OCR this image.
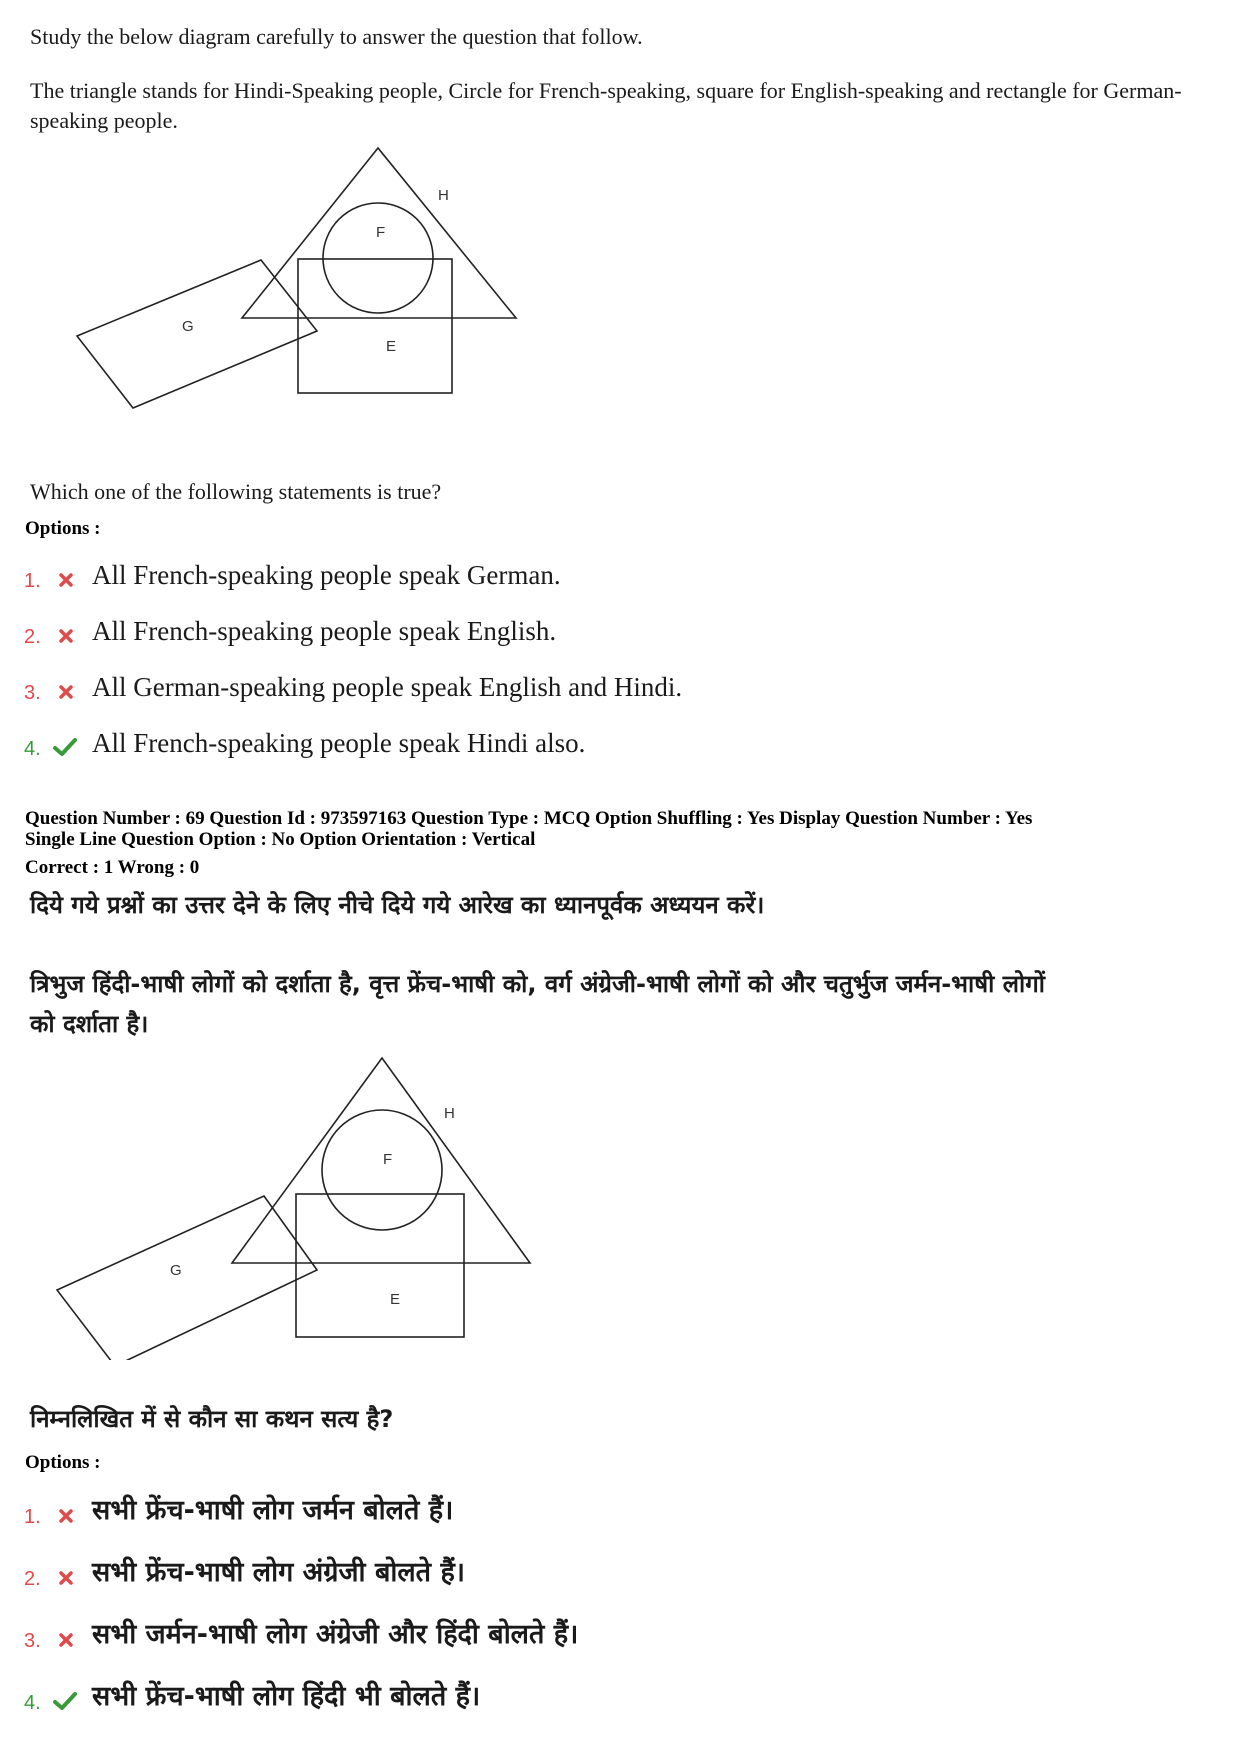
Study the below diagram carefully to answer the question that follow.
The triangle stands for Hindi-Speaking people, Circle for French-speaking, square for English-speaking and rectangle for German-speaking people.
H
F
G
E
Which one of the following statements is true?
Options :
1. All French-speaking people speak German.
2. All French-speaking people speak English.
3. All German-speaking people speak English and Hindi.
4. All French-speaking people speak Hindi also.
Question Number : 69 Question Id : 973597163 Question Type : MCQ Option Shuffling : Yes Display Question Number : Yes
Single Line Question Option : No Option Orientation : Vertical
Correct : 1 Wrong : 0
दिये गये प्रश्नों का उत्तर देने के लिए नीचे दिये गये आरेख का ध्यानपूर्वक अध्ययन करें।
त्रिभुज हिंदी-भाषी लोगों को दर्शाता है, वृत्त फ्रेंच-भाषी को, वर्ग अंग्रेजी-भाषी लोगों को और चतुर्भुज जर्मन-भाषी लोगों
को दर्शाता है।
H
F
G
E
निम्नलिखित में से कौन सा कथन सत्य है?
Options :
1. सभी फ्रेंच-भाषी लोग जर्मन बोलते हैं।
2. सभी फ्रेंच-भाषी लोग अंग्रेजी बोलते हैं।
3. सभी जर्मन-भाषी लोग अंग्रेजी और हिंदी बोलते हैं।
4. सभी फ्रेंच-भाषी लोग हिंदी भी बोलते हैं।
